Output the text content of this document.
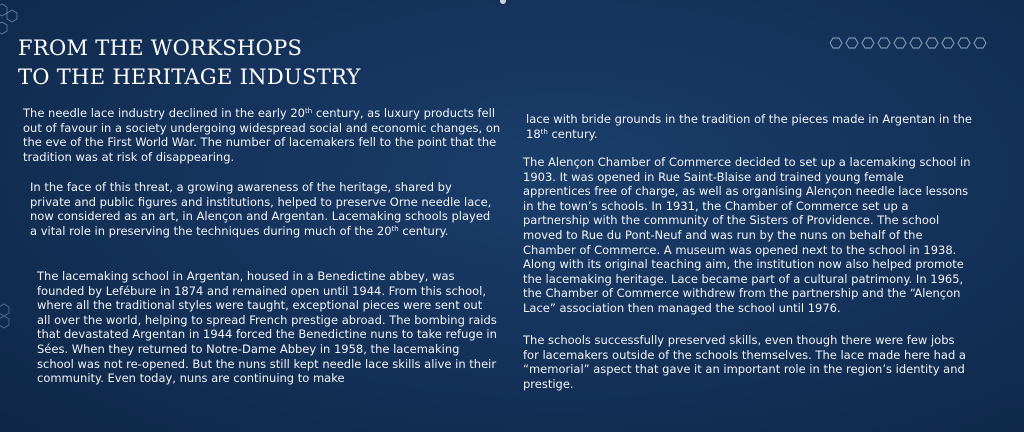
FROM THE WORKSHOPS
TO THE HERITAGE INDUSTRY

The needle lace industry declined in the early 20th century, as luxury products fell out of favour in a society undergoing widespread social and economic changes, on the eve of the First World War. The number of lacemakers fell to the point that the tradition was at risk of disappearing.

In the face of this threat, a growing awareness of the heritage, shared by private and public figures and institutions, helped to preserve Orne needle lace, now considered as an art, in Alençon and Argentan. Lacemaking schools played a vital role in preserving the techniques during much of the 20th century.

The lacemaking school in Argentan, housed in a Benedictine abbey, was founded by Lefébure in 1874 and remained open until 1944. From this school, where all the traditional styles were taught, exceptional pieces were sent out all over the world, helping to spread French prestige abroad. The bombing raids that devastated Argentan in 1944 forced the Benedictine nuns to take refuge in Sées. When they returned to Notre-Dame Abbey in 1958, the lacemaking school was not re-opened. But the nuns still kept needle lace skills alive in their community. Even today, nuns are continuing to make

lace with bride grounds in the tradition of the pieces made in Argentan in the 18th century.

The Alençon Chamber of Commerce decided to set up a lacemaking school in 1903. It was opened in Rue Saint-Blaise and trained young female apprentices free of charge, as well as organising Alençon needle lace lessons in the town’s schools. In 1931, the Chamber of Commerce set up a partnership with the community of the Sisters of Providence. The school moved to Rue du Pont-Neuf and was run by the nuns on behalf of the Chamber of Commerce. A museum was opened next to the school in 1938. Along with its original teaching aim, the institution now also helped promote the lacemaking heritage. Lace became part of a cultural patrimony. In 1965, the Chamber of Commerce withdrew from the partnership and the “Alençon Lace” association then managed the school until 1976.

The schools successfully preserved skills, even though there were few jobs for lacemakers outside of the schools themselves. The lace made here had a “memorial” aspect that gave it an important role in the region’s identity and prestige.
